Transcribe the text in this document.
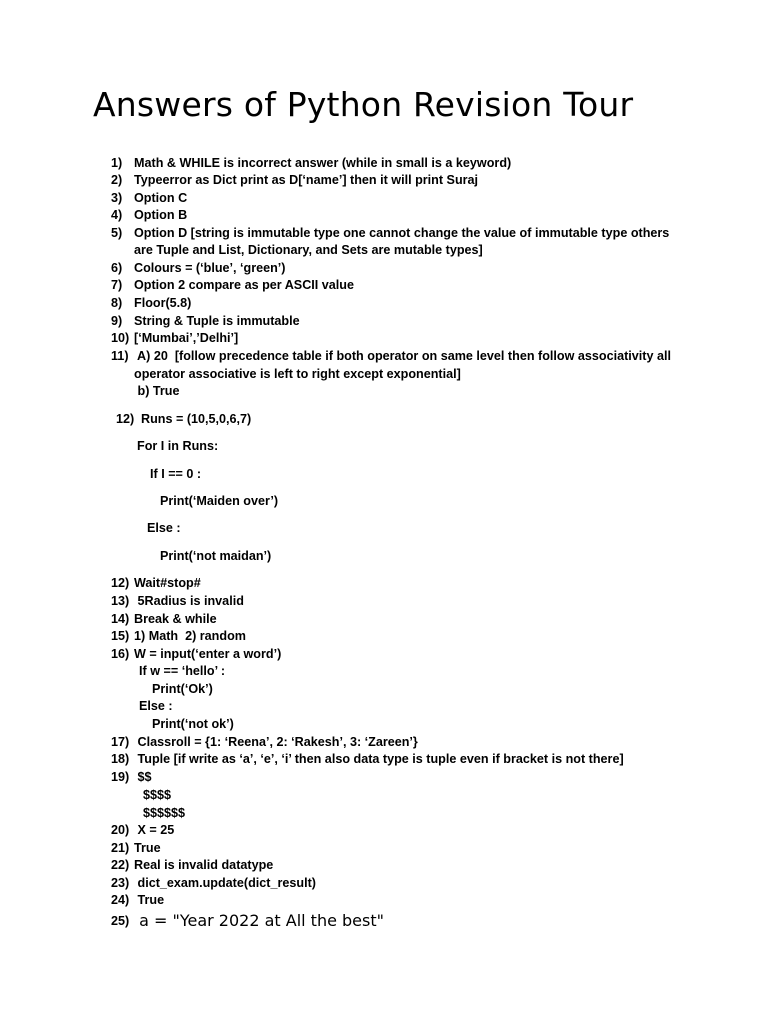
Answers of Python Revision Tour
1) Math & WHILE is incorrect answer (while in small is a keyword)
2) Typeerror as Dict print as D[‘name’] then it will print Suraj
3) Option C
4) Option B
5) Option D [string is immutable type one cannot change the value of immutable type others
are Tuple and List, Dictionary, and Sets are mutable types]
6) Colours = (‘blue’, ‘green’)
7) Option 2 compare as per ASCII value
8) Floor(5.8)
9) String & Tuple is immutable
10) [‘Mumbai’,’Delhi’]
11) A) 20  [follow precedence table if both operator on same level then follow associativity all
operator associative is left to right except exponential]
b) True
12) Runs = (10,5,0,6,7)
For I in Runs:
If I == 0 :
Print(‘Maiden over’)
Else :
Print(‘not maidan’)
12) Wait#stop#
13) 5Radius is invalid
14) Break & while
15) 1) Math  2) random
16) W = input(‘enter a word’)
If w == ‘hello’ :
Print(‘Ok’)
Else :
Print(‘not ok’)
17) Classroll = {1: ‘Reena’, 2: ‘Rakesh’, 3: ‘Zareen’}
18) Tuple [if write as ‘a’, ‘e’, ‘i’ then also data type is tuple even if bracket is not there]
19) $$
$$$$
$$$$$$
20) X = 25
21) True
22) Real is invalid datatype
23) dict_exam.update(dict_result)
24) True
25) a = "Year 2022 at All the best"
